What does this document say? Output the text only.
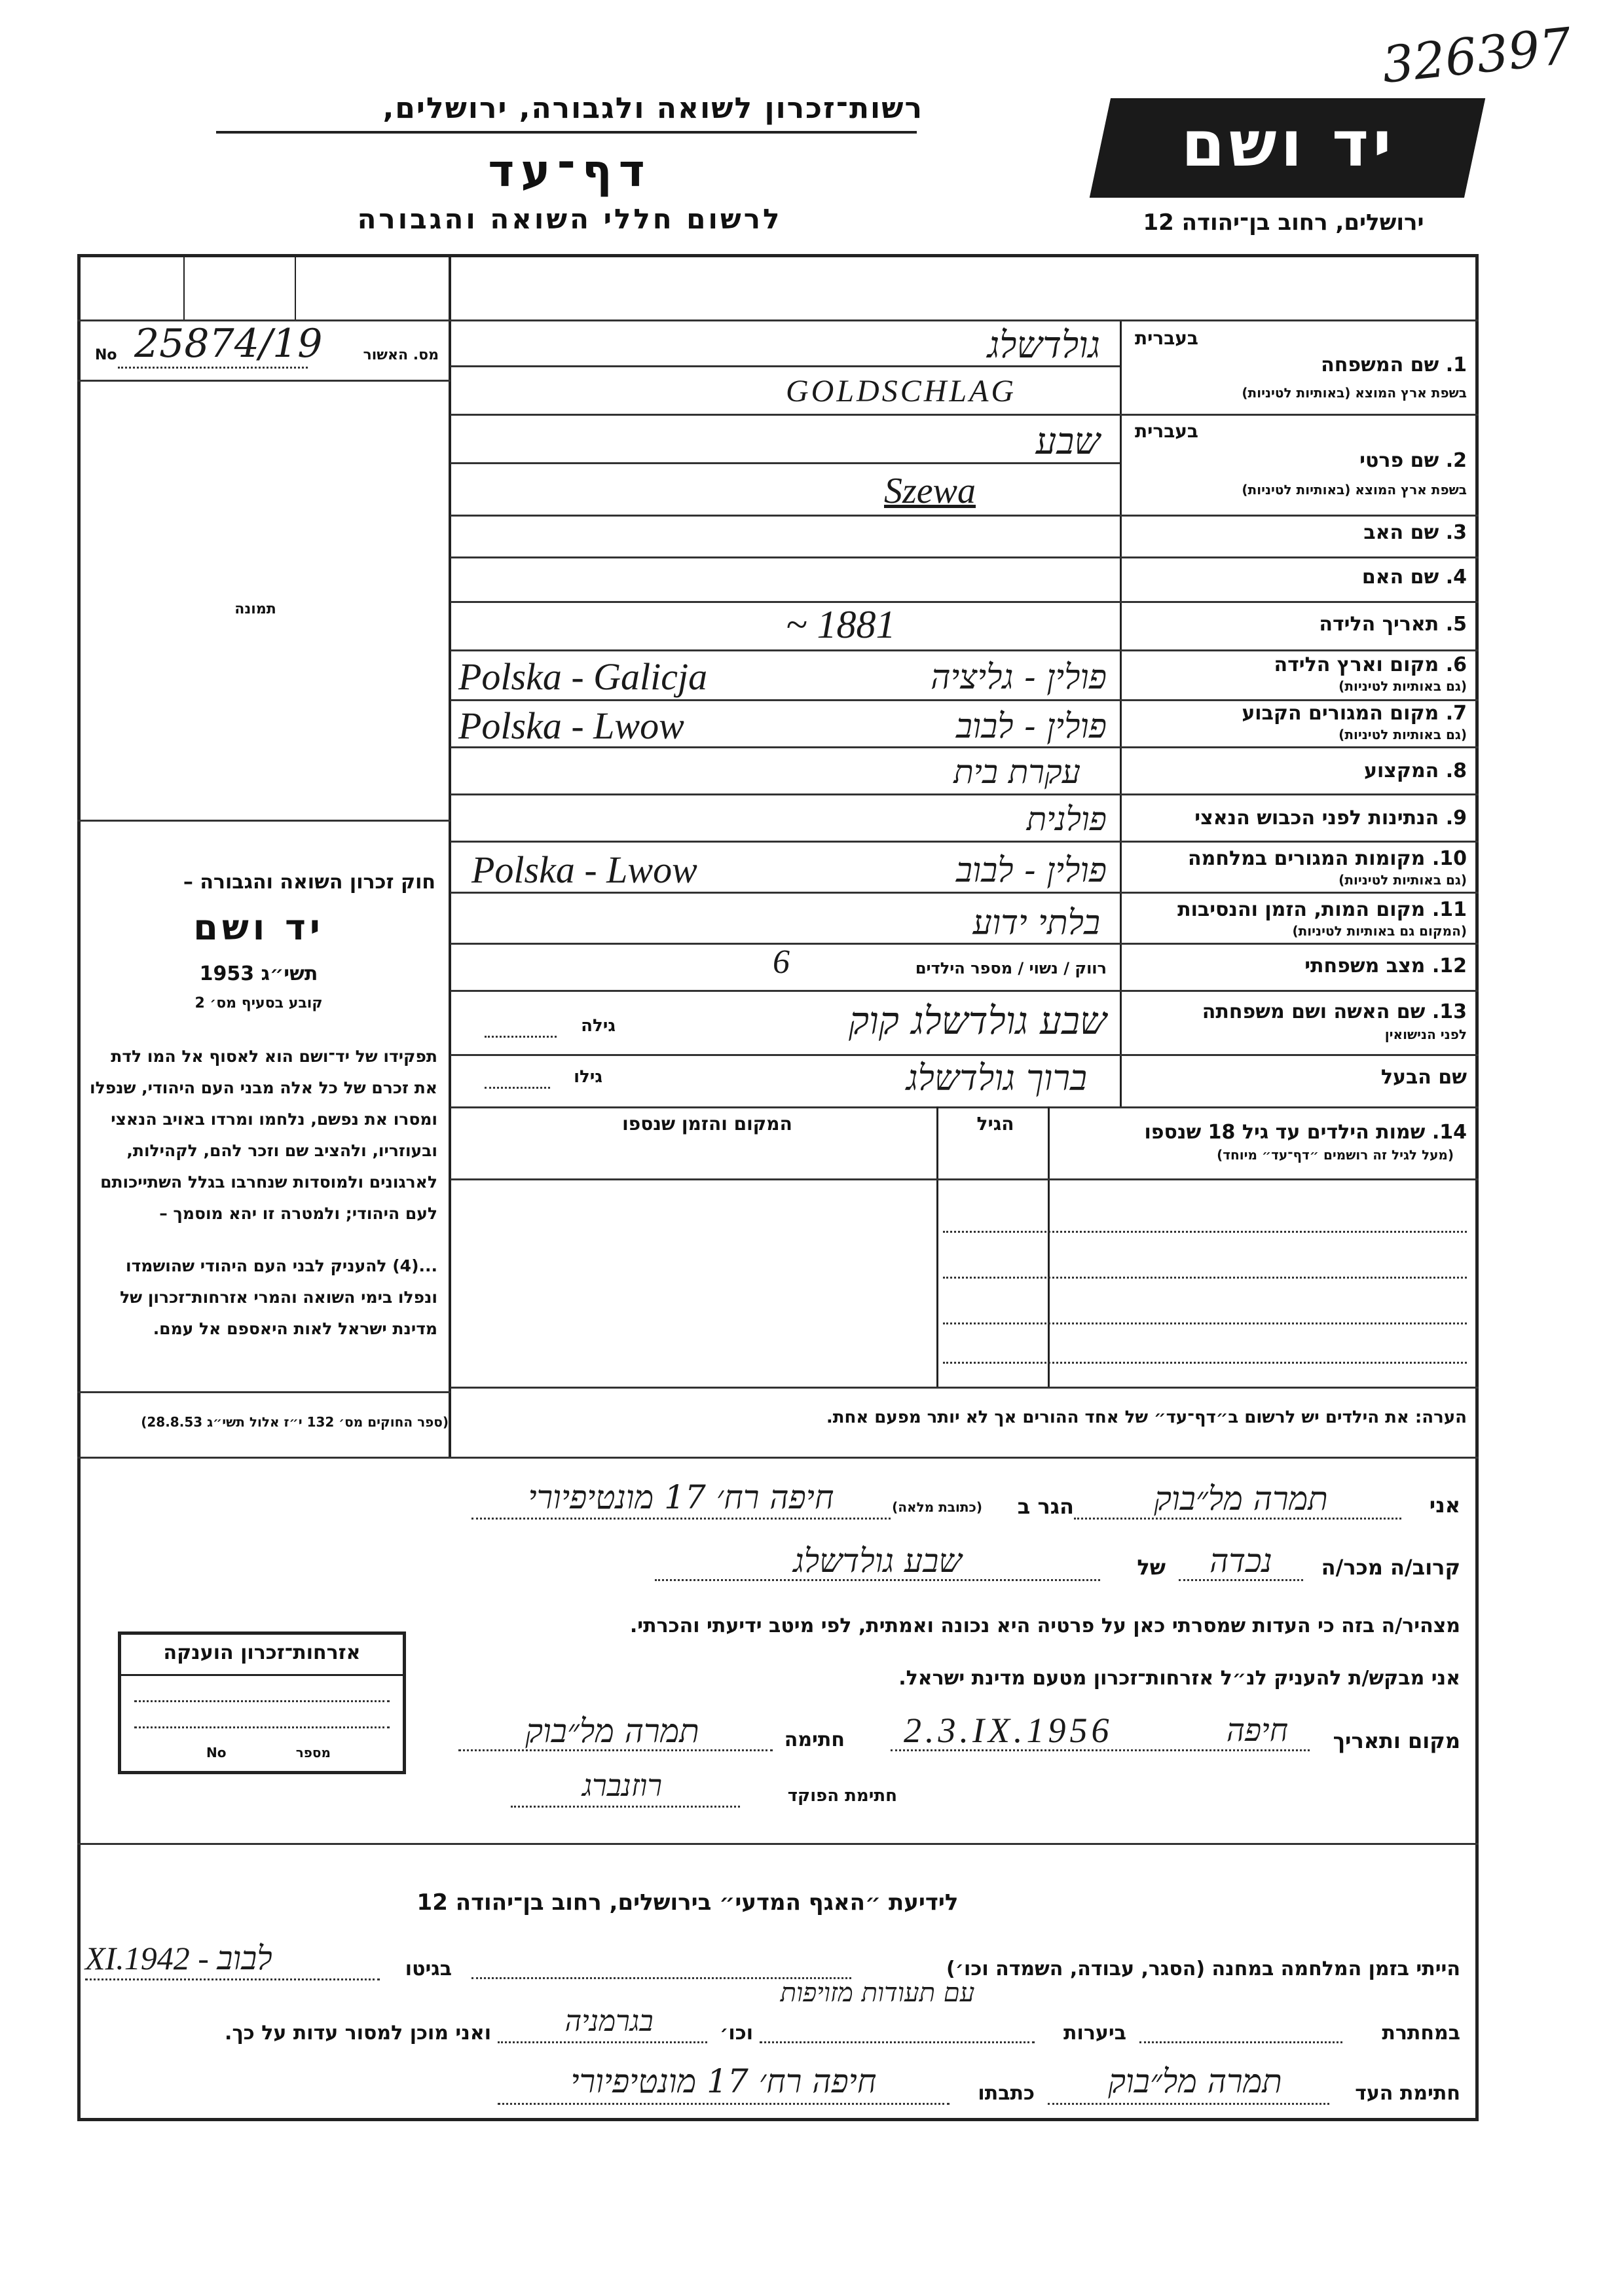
326397
רשות־זכרון לשואה ולגבורה, ירושלים,
דף־עד
לרשום חללי השואה והגבורה
יד ושם
ירושלים, רחוב בן־יהודה 12
No 25874/19	מס. האשור
תמונה
חוק זכרון השואה והגבורה –
יד ושם
תשי״ג 1953
קובע בסעיף מס׳ 2
תפקידו של יד־ושם הוא לאסוף אל המו לדת את זכרם של כל אלה מבני העם היהודי, שנפלו ומסרו את נפשם, נלחמו ומרדו באויב הנאצי ובעוזריו, ולהציב שם וזכר להם, לקהילות, לארגונים ולמוסדות שנחרבו בגלל השתייכותם לעם היהודי; ולמטרה זו יהא מוסמך –
...(4) להעניק לבני העם היהודי שהושמדו ונפלו בימי השואה והמרי אזרחות־זכרון של מדינת ישראל לאות היאספם אל עמם.
(ספר החוקים מס׳ 132 י״ז אלול תשי״ג 28.8.53)
בעברית
1. שם המשפחה
בשפת ארץ המוצא (באותיות לטיניות)
גולדשלג
GOLDSCHLAG
בעברית
2. שם פרטי
בשפת ארץ המוצא (באותיות לטיניות)
שבע
Szewa
3. שם האב
4. שם האם
5. תאריך הלידה
~ 1881
6. מקום וארץ הלידה
(גם באותיות לטיניות)
Polska - Galicja	פולין - גליציה
7. מקום המגורים הקבוע
(גם באותיות לטיניות)
Polska - Lwow	פולין - לבוב
8. המקצוע
עקרת בית
9. הנתינות לפני הכבוש הנאצי
פולנית
10. מקומות המגורים במלחמה
(גם באותיות לטיניות)
Polska - Lwow	פולין - לבוב
11. מקום המות, הזמן והנסיבות
(המקום גם באותיות לטיניות)
בלתי ידוע
12. מצב משפחתי
רווק / נשוי / מספר הילדים
6
13. שם האשה ושם משפחתה
לפני הנישואין
שבע גולדשלג קוק
גילה
שם הבעל
ברוך גולדשלג
גילו
14. שמות הילדים עד גיל 18 שנספו
(מעל לגיל זה רושמים ״דף־עד״ מיוחד)
הגיל
המקום והזמן שנספו
הערה: את הילדים יש לרשום ב״דף־עד״ של אחד ההורים אך לא יותר מפעם אחת.
אני
תמרה מל״בוק
הגר ב
(כתובת מלאה)
חיפה רח׳ 17 מונטיפיורי
קרוב/ה מכר/ה
נכדה
של
שבע גולדשלג
מצהיר/ה בזה כי העדות שמסרתי כאן על פרטיה היא נכונה ואמתית, לפי מיטב ידיעתי והכרתי.
אני מבקש/ת להעניק לנ״ל אזרחות־זכרון מטעם מדינת ישראל.
מקום ותאריך
חיפה
2.3.IX.1956
חתימה
תמרה מל״בוק
חתימת הפוקד
רוזנברג
אזרחות־זכרון הוענקה
מספר
No
לידיעת ״האגף המדעי״ בירושלים, רחוב בן־יהודה 12
הייתי בזמן המלחמה במחנה (הסגר, עבודה, השמדה וכו׳)
בגיטו
XI.1942 - לבוב
במחתרת
ביערות
עם תעודות מזויפות
וכו׳
בגרמניה
ואני מוכן למסור עדות על כך.
חתימת העד
תמרה מל״בוק
כתבתו
חיפה רח׳ 17 מונטיפיורי
